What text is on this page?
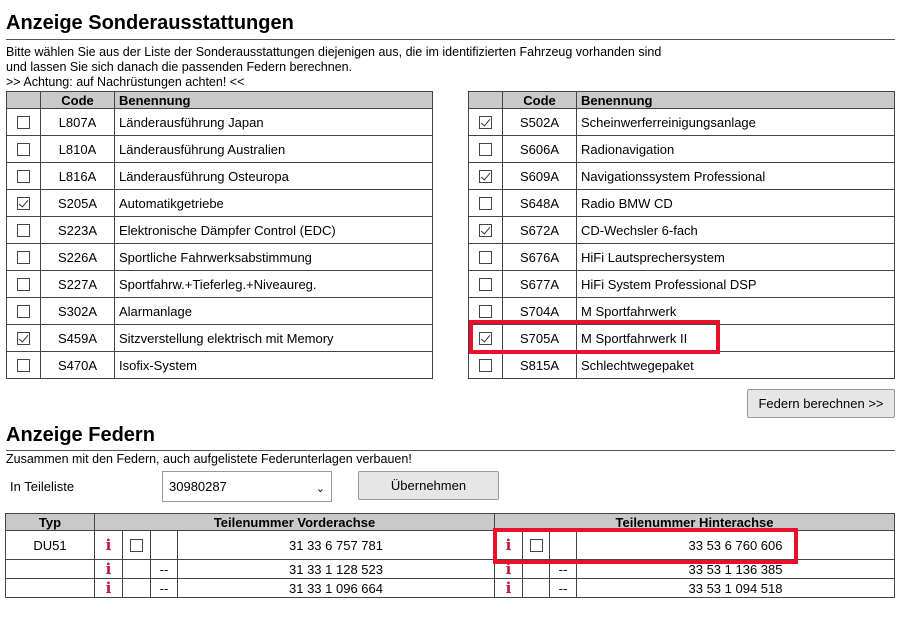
Anzeige Sonderausstattungen
Bitte wählen Sie aus der Liste der Sonderausstattungen diejenigen aus, die im identifizierten Fahrzeug vorhanden sind
und lassen Sie sich danach die passenden Federn berechnen.
>> Achtung: auf Nachrüstungen achten! <<
	Code	Benennung

	L807A	Länderausführung Japan

	L810A	Länderausführung Australien

	L816A	Länderausführung Osteuropa

	S205A	Automatikgetriebe

	S223A	Elektronische Dämpfer Control (EDC)

	S226A	Sportliche Fahrwerksabstimmung

	S227A	Sportfahrw.+Tieferleg.+Niveaureg.

	S302A	Alarmanlage

	S459A	Sitzverstellung elektrisch mit Memory

	S470A	Isofix-System
	Code	Benennung

	S502A	Scheinwerferreinigungsanlage

	S606A	Radionavigation

	S609A	Navigationssystem Professional

	S648A	Radio BMW CD

	S672A	CD-Wechsler 6-fach

	S676A	HiFi Lautsprechersystem

	S677A	HiFi System Professional DSP

	S704A	M Sportfahrwerk

	S705A	M Sportfahrwerk II

	S815A	Schlechtwegepaket
Federn berechnen >>
Anzeige Federn
Zusammen mit den Federn, auch aufgelistete Federunterlagen verbauen!
In Teileliste	30980287	⌄	Übernehmen
Typ	Teilenummer Vorderachse				Teilenummer Hinterachse			
DU51	i			31 33 6 757 781	i			33 53 6 760 606
	i		--	31 33 1 128 523	i		--	33 53 1 136 385
	i		--	31 33 1 096 664	i		--	33 53 1 094 518
